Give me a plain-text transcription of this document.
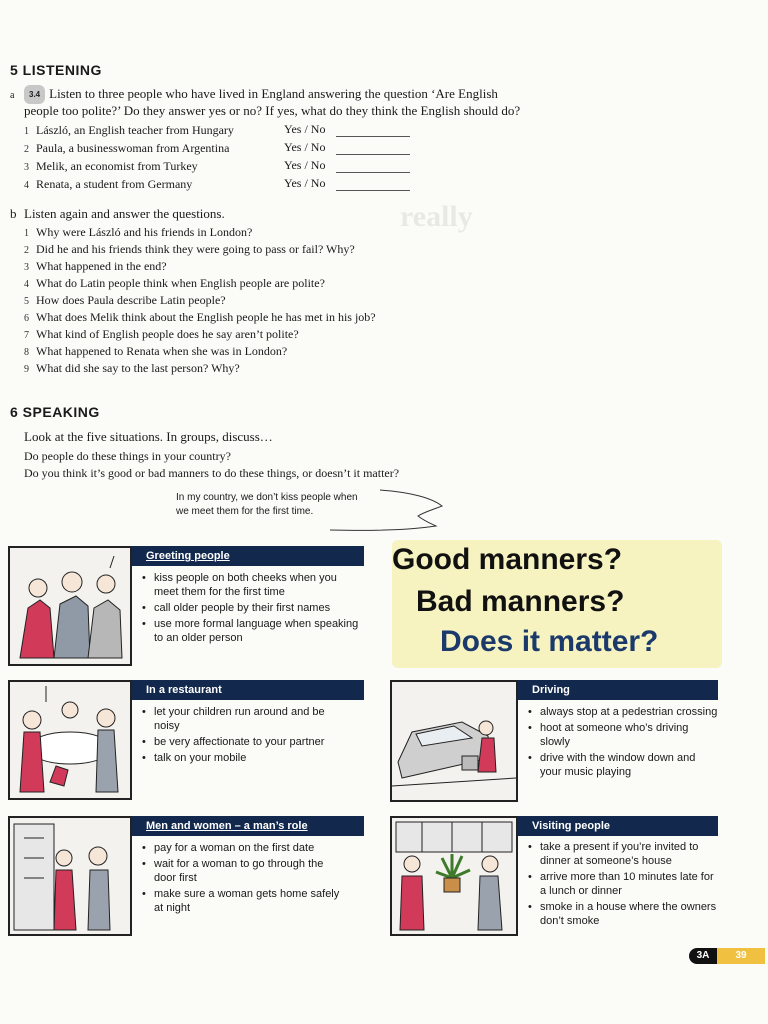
really
5 LISTENING
a 3.4 Listen to three people who have lived in England answering the question ‘Are English
people too polite?’ Do they answer yes or no? If yes, what do they think the English should do?
1 László, an English teacher from Hungary	Yes / No
2 Paula, a businesswoman from Argentina	Yes / No
3 Melik, an economist from Turkey	Yes / No
4 Renata, a student from Germany	Yes / No
b Listen again and answer the questions.
1 Why were László and his friends in London?
2 Did he and his friends think they were going to pass or fail? Why?
3 What happened in the end?
4 What do Latin people think when English people are polite?
5 How does Paula describe Latin people?
6 What does Melik think about the English people he has met in his job?
7 What kind of English people does he say aren’t polite?
8 What happened to Renata when she was in London?
9 What did she say to the last person? Why?
6 SPEAKING
Look at the five situations. In groups, discuss…
Do people do these things in your country?
Do you think it’s good or bad manners to do these things, or doesn’t it matter?
In my country, we don’t kiss people when
we meet them for the first time.
Good manners?
Bad manners?
Does it matter?
Greeting people
• kiss people on both cheeks when you meet them for the first time
• call older people by their first names
• use more formal language when speaking to an older person
In a restaurant
• let your children run around and be noisy
• be very affectionate to your partner
• talk on your mobile
Driving
• always stop at a pedestrian crossing
• hoot at someone who’s driving slowly
• drive with the window down and your music playing
Men and women – a man’s role
• pay for a woman on the first date
• wait for a woman to go through the door first
• make sure a woman gets home safely at night
Visiting people
• take a present if you’re invited to dinner at someone’s house
• arrive more than 10 minutes late for a lunch or dinner
• smoke in a house where the owners don’t smoke
3A	39
